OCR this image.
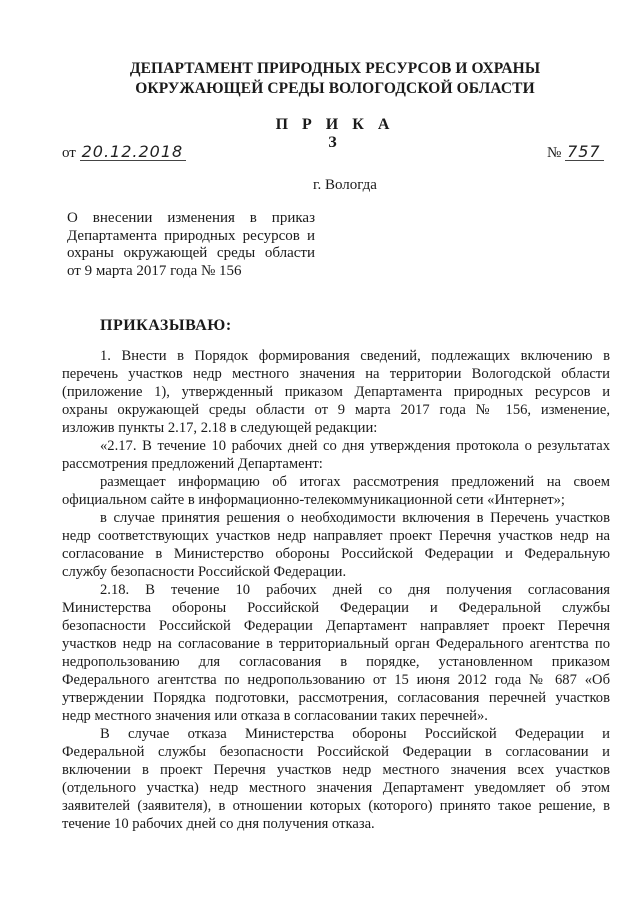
ДЕПАРТАМЕНТ ПРИРОДНЫХ РЕСУРСОВ И ОХРАНЫ
ОКРУЖАЮЩЕЙ СРЕДЫ ВОЛОГОДСКОЙ ОБЛАСТИ
П Р И К А З
от 20.12.2018	№ 757
г. Вологда
О внесении изменения в приказ
Департамента природных ресурсов и
охраны окружающей среды области
от 9 марта 2017 года № 156
ПРИКАЗЫВАЮ:
1. Внести в Порядок формирования сведений, подлежащих включению в
перечень участков недр местного значения на территории Вологодской области
(приложение 1), утвержденный приказом Департамента природных ресурсов и
охраны окружающей среды области от 9 марта 2017 года № 156, изменение,
изложив пункты 2.17, 2.18 в следующей редакции:
«2.17. В течение 10 рабочих дней со дня утверждения протокола о результатах
рассмотрения предложений Департамент:
размещает информацию об итогах рассмотрения предложений на своем
официальном сайте в информационно-телекоммуникационной сети «Интернет»;
в случае принятия решения о необходимости включения в Перечень участков
недр соответствующих участков недр направляет проект Перечня участков недр на
согласование в Министерство обороны Российской Федерации и Федеральную
службу безопасности Российской Федерации.
2.18. В течение 10 рабочих дней со дня получения согласования
Министерства обороны Российской Федерации и Федеральной службы
безопасности Российской Федерации Департамент направляет проект Перечня
участков недр на согласование в территориальный орган Федерального агентства по
недропользованию для согласования в порядке, установленном приказом
Федерального агентства по недропользованию от 15 июня 2012 года № 687 «Об
утверждении Порядка подготовки, рассмотрения, согласования перечней участков
недр местного значения или отказа в согласовании таких перечней».
В случае отказа Министерства обороны Российской Федерации и
Федеральной службы безопасности Российской Федерации в согласовании и
включении в проект Перечня участков недр местного значения всех участков
(отдельного участка) недр местного значения Департамент уведомляет об этом
заявителей (заявителя), в отношении которых (которого) принято такое решение, в
течение 10 рабочих дней со дня получения отказа.
